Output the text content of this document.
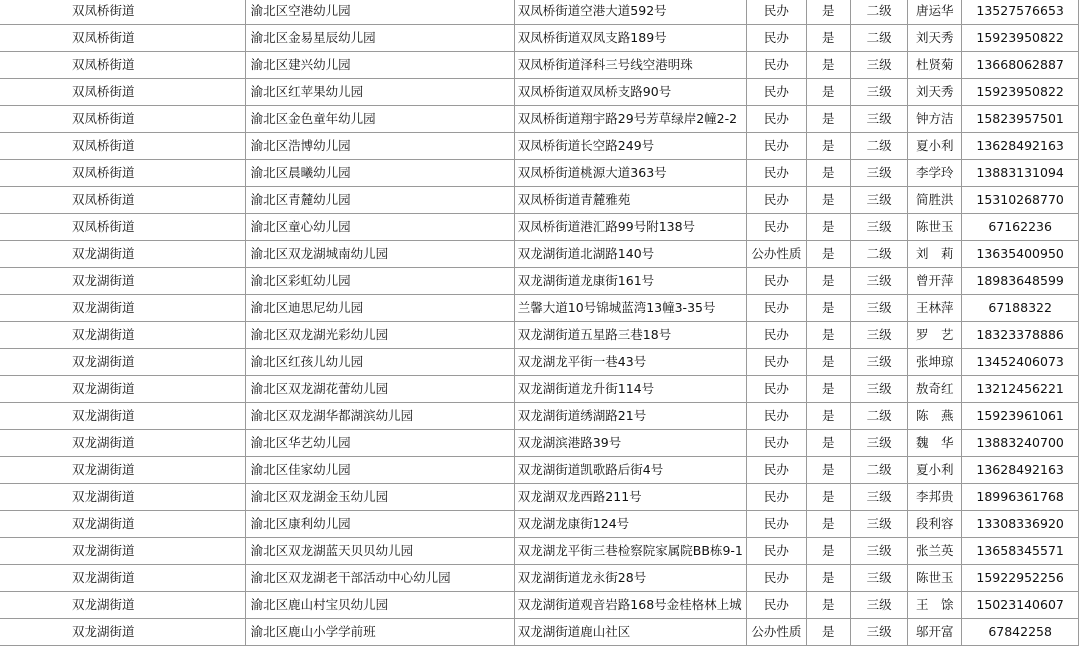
双凤桥街道	渝北区空港幼儿园	双凤桥街道空港大道592号	民办	是	二级	唐运华	13527576653
双凤桥街道	渝北区金易星辰幼儿园	双凤桥街道双凤支路189号	民办	是	二级	刘天秀	15923950822
双凤桥街道	渝北区建兴幼儿园	双凤桥街道泽科三号线空港明珠	民办	是	三级	杜贤菊	13668062887
双凤桥街道	渝北区红苹果幼儿园	双凤桥街道双凤桥支路90号	民办	是	三级	刘天秀	15923950822
双凤桥街道	渝北区金色童年幼儿园	双凤桥街道翔宇路29号芳草绿岸2幢2-2	民办	是	三级	钟方洁	15823957501
双凤桥街道	渝北区浩博幼儿园	双凤桥街道长空路249号	民办	是	二级	夏小利	13628492163
双凤桥街道	渝北区晨曦幼儿园	双凤桥街道桃源大道363号	民办	是	三级	李学玲	13883131094
双凤桥街道	渝北区青麓幼儿园	双凤桥街道青麓雅苑	民办	是	三级	简胜洪	15310268770
双凤桥街道	渝北区童心幼儿园	双凤桥街道港汇路99号附138号	民办	是	三级	陈世玉	67162236
双龙湖街道	渝北区双龙湖城南幼儿园	双龙湖街道北湖路140号	公办性质	是	二级	刘　莉	13635400950
双龙湖街道	渝北区彩虹幼儿园	双龙湖街道龙康街161号	民办	是	三级	曾开萍	18983648599
双龙湖街道	渝北区迪思尼幼儿园	兰馨大道10号锦城蓝湾13幢3-35号	民办	是	三级	王林萍	67188322
双龙湖街道	渝北区双龙湖光彩幼儿园	双龙湖街道五星路三巷18号	民办	是	三级	罗　艺	18323378886
双龙湖街道	渝北区红孩儿幼儿园	双龙湖龙平街一巷43号	民办	是	三级	张坤琼	13452406073
双龙湖街道	渝北区双龙湖花蕾幼儿园	双龙湖街道龙升街114号	民办	是	三级	敖奇红	13212456221
双龙湖街道	渝北区双龙湖华都湖滨幼儿园	双龙湖街道绣湖路21号	民办	是	二级	陈　燕	15923961061
双龙湖街道	渝北区华艺幼儿园	双龙湖滨港路39号	民办	是	三级	魏　华	13883240700
双龙湖街道	渝北区佳家幼儿园	双龙湖街道凯歌路后街4号	民办	是	二级	夏小利	13628492163
双龙湖街道	渝北区双龙湖金玉幼儿园	双龙湖双龙西路211号	民办	是	三级	李邦贵	18996361768
双龙湖街道	渝北区康利幼儿园	双龙湖龙康街124号	民办	是	三级	段利容	13308336920
双龙湖街道	渝北区双龙湖蓝天贝贝幼儿园	双龙湖龙平街三巷检察院家属院BB栋9-1	民办	是	三级	张兰英	13658345571
双龙湖街道	渝北区双龙湖老干部活动中心幼儿园	双龙湖街道龙永街28号	民办	是	三级	陈世玉	15922952256
双龙湖街道	渝北区鹿山村宝贝幼儿园	双龙湖街道观音岩路168号金桂格林上城	民办	是	三级	王　馀	15023140607
双龙湖街道	渝北区鹿山小学学前班	双龙湖街道鹿山社区	公办性质	是	三级	邬开富	67842258
